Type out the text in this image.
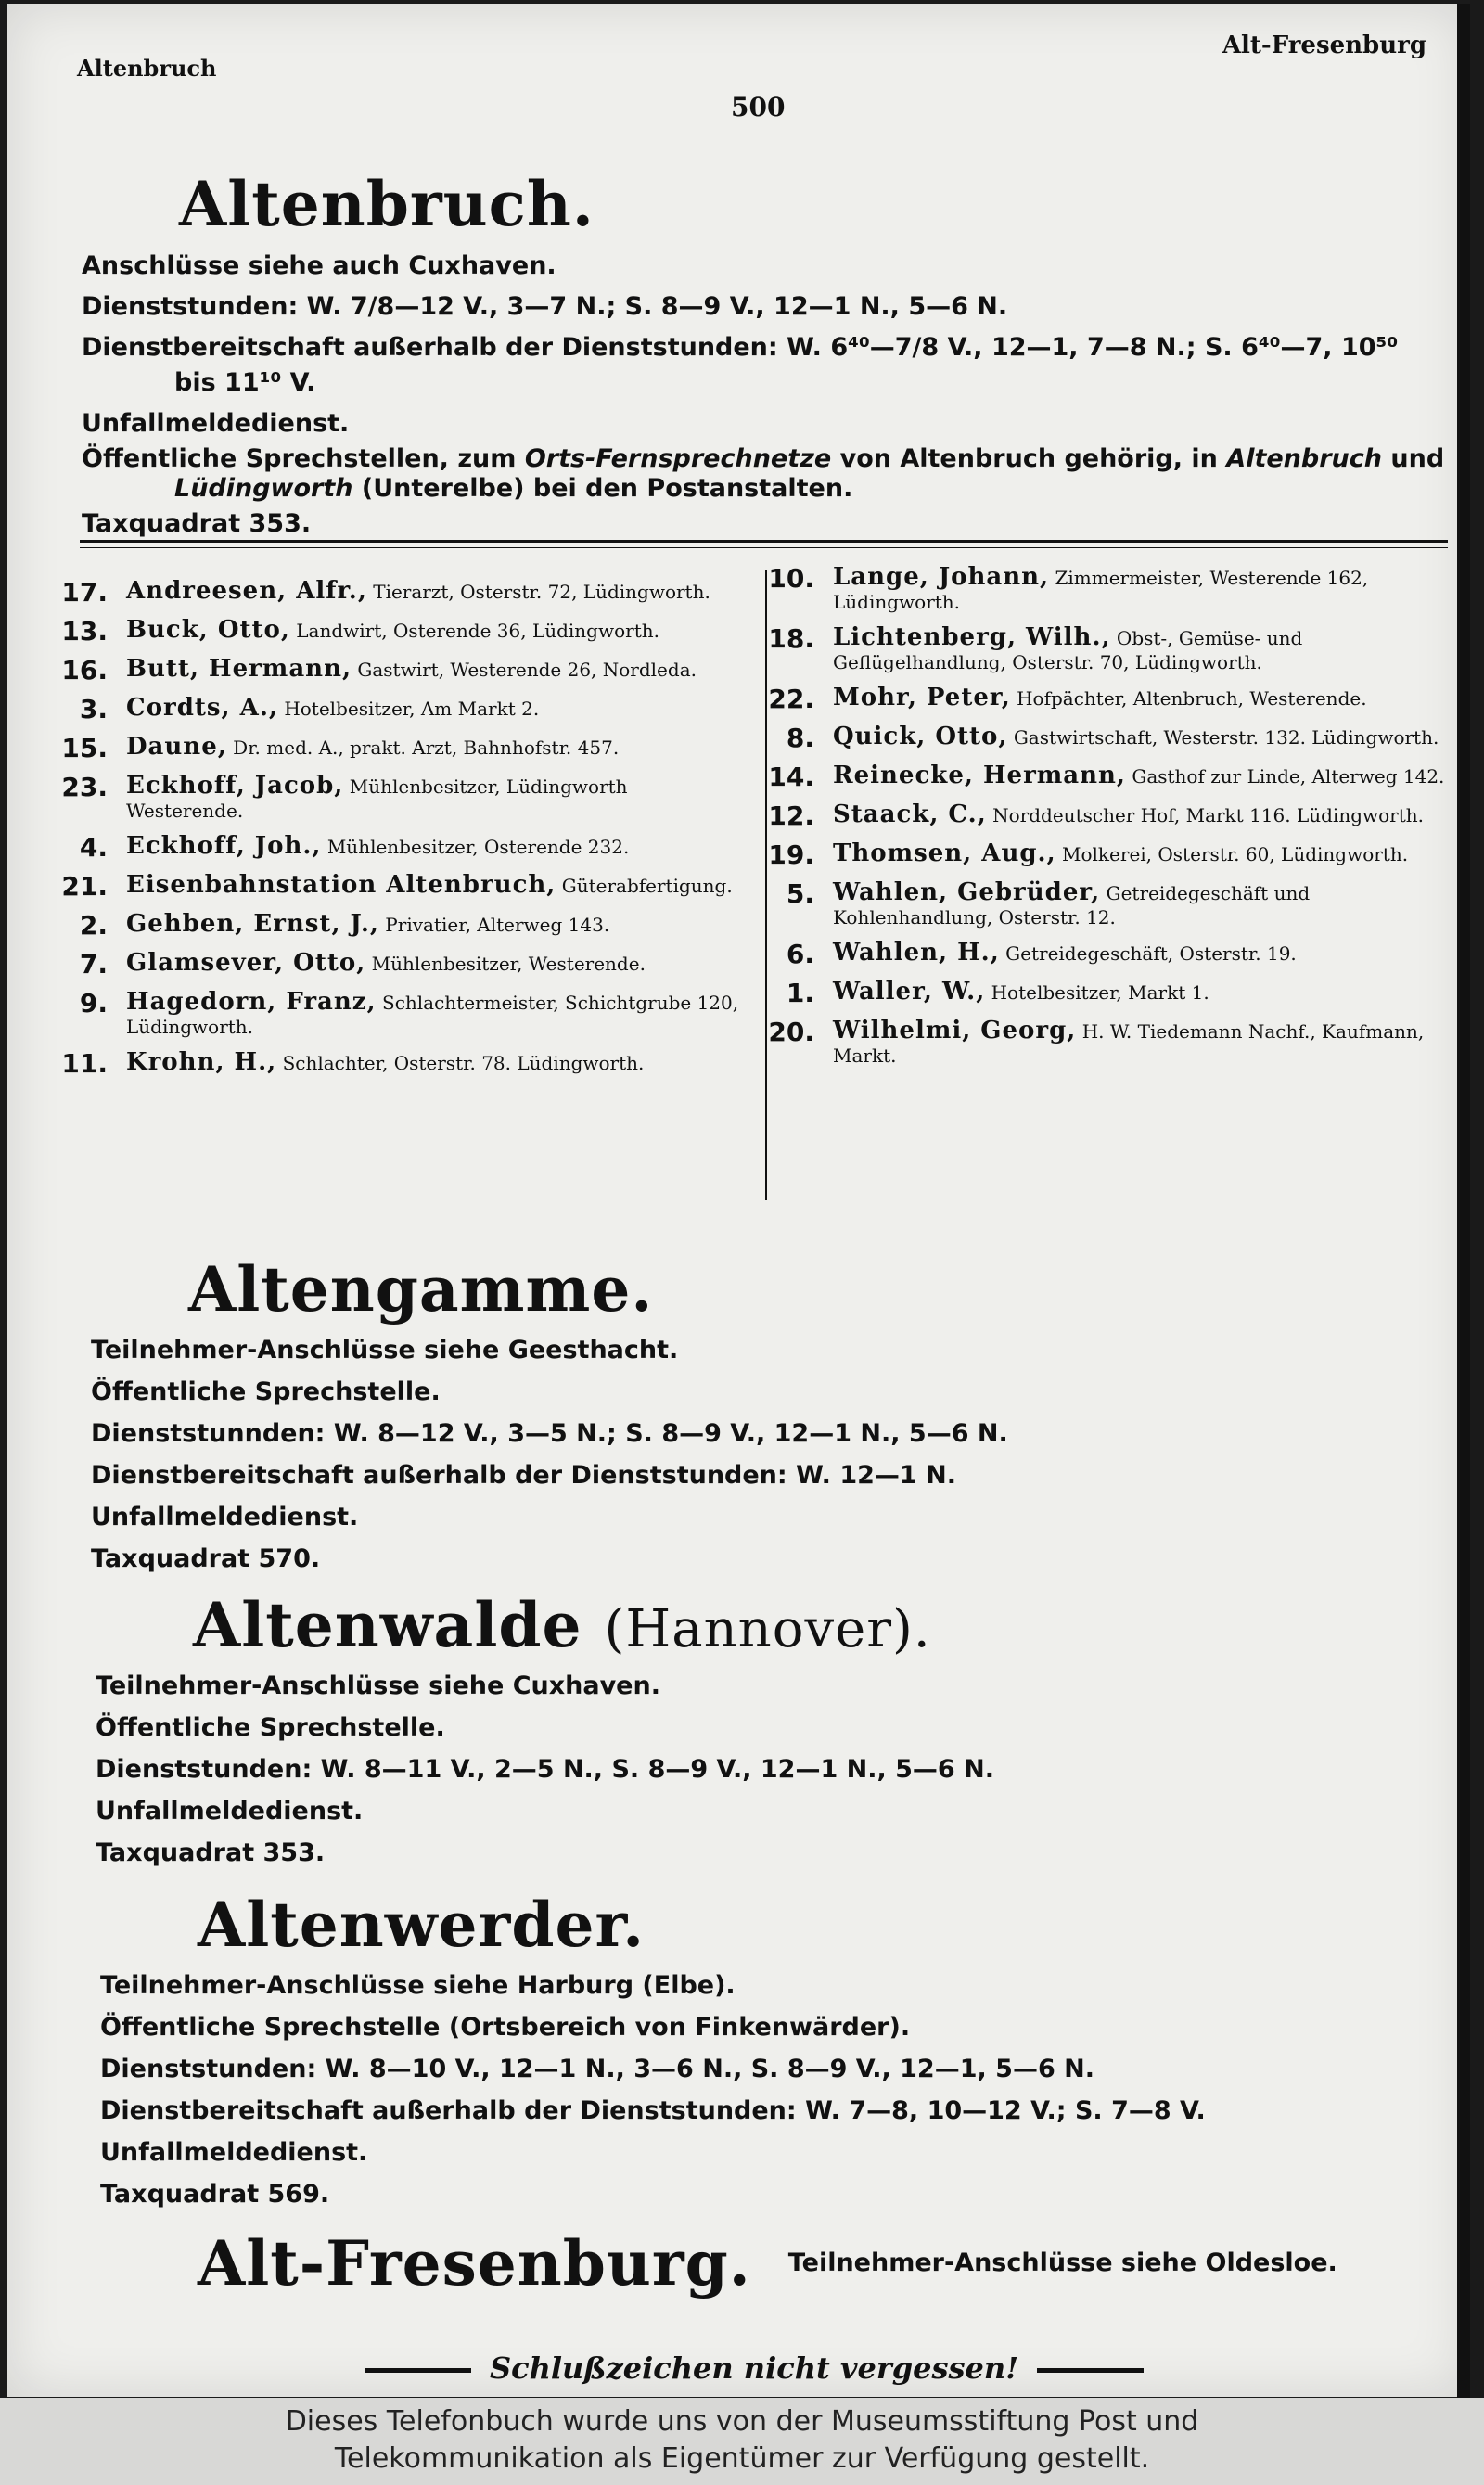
Altenbruch
Alt-Fresenburg
500
Altenbruch.
Anschlüsse siehe auch Cuxhaven.
Dienststunden: W. 7/8—12 V., 3—7 N.; S. 8—9 V., 12—1 N., 5—6 N.
Dienstbereitschaft außerhalb der Dienststunden: W. 6⁴⁰—7/8 V., 12—1, 7—8 N.; S. 6⁴⁰—7, 10⁵⁰
bis 11¹⁰ V.
Unfallmeldedienst.
Öffentliche Sprechstellen, zum Orts-Fernsprechnetze von Altenbruch gehörig, in Altenbruch und
Lüdingworth (Unterelbe) bei den Postanstalten.
Taxquadrat 353.
17. Andreesen, Alfr., Tierarzt, Osterstr. 72, Lüdingworth.
13. Buck, Otto, Landwirt, Osterende 36, Lüdingworth.
16. Butt, Hermann, Gastwirt, Westerende 26, Nordleda.
3. Cordts, A., Hotelbesitzer, Am Markt 2.
15. Daune, Dr. med. A., prakt. Arzt, Bahnhofstr. 457.
23. Eckhoff, Jacob, Mühlenbesitzer, Lüdingworth Westerende.
4. Eckhoff, Joh., Mühlenbesitzer, Osterende 232.
21. Eisenbahnstation Altenbruch, Güterabfertigung.
2. Gehben, Ernst, J., Privatier, Alterweg 143.
7. Glamsever, Otto, Mühlenbesitzer, Westerende.
9. Hagedorn, Franz, Schlachtermeister, Schichtgrube 120, Lüdingworth.
11. Krohn, H., Schlachter, Osterstr. 78. Lüdingworth.
10. Lange, Johann, Zimmermeister, Westerende 162, Lüdingworth.
18. Lichtenberg, Wilh., Obst-, Gemüse- und Geflügelhandlung, Osterstr. 70, Lüdingworth.
22. Mohr, Peter, Hofpächter, Altenbruch, Westerende.
8. Quick, Otto, Gastwirtschaft, Westerstr. 132. Lüdingworth.
14. Reinecke, Hermann, Gasthof zur Linde, Alterweg 142.
12. Staack, C., Norddeutscher Hof, Markt 116. Lüdingworth.
19. Thomsen, Aug., Molkerei, Osterstr. 60, Lüdingworth.
5. Wahlen, Gebrüder, Getreidegeschäft und Kohlenhandlung, Osterstr. 12.
6. Wahlen, H., Getreidegeschäft, Osterstr. 19.
1. Waller, W., Hotelbesitzer, Markt 1.
20. Wilhelmi, Georg, H. W. Tiedemann Nachf., Kaufmann, Markt.
Altengamme.
Teilnehmer-Anschlüsse siehe Geesthacht.
Öffentliche Sprechstelle.
Dienststunnden: W. 8—12 V., 3—5 N.; S. 8—9 V., 12—1 N., 5—6 N.
Dienstbereitschaft außerhalb der Dienststunden: W. 12—1 N.
Unfallmeldedienst.
Taxquadrat 570.
Altenwalde (Hannover).
Teilnehmer-Anschlüsse siehe Cuxhaven.
Öffentliche Sprechstelle.
Dienststunden: W. 8—11 V., 2—5 N., S. 8—9 V., 12—1 N., 5—6 N.
Unfallmeldedienst.
Taxquadrat 353.
Altenwerder.
Teilnehmer-Anschlüsse siehe Harburg (Elbe).
Öffentliche Sprechstelle (Ortsbereich von Finkenwärder).
Dienststunden: W. 8—10 V., 12—1 N., 3—6 N., S. 8—9 V., 12—1, 5—6 N.
Dienstbereitschaft außerhalb der Dienststunden: W. 7—8, 10—12 V.; S. 7—8 V.
Unfallmeldedienst.
Taxquadrat 569.
Alt-Fresenburg. Teilnehmer-Anschlüsse siehe Oldesloe.
Schlußzeichen nicht vergessen!
Dieses Telefonbuch wurde uns von der Museumsstiftung Post und
Telekommunikation als Eigentümer zur Verfügung gestellt.
